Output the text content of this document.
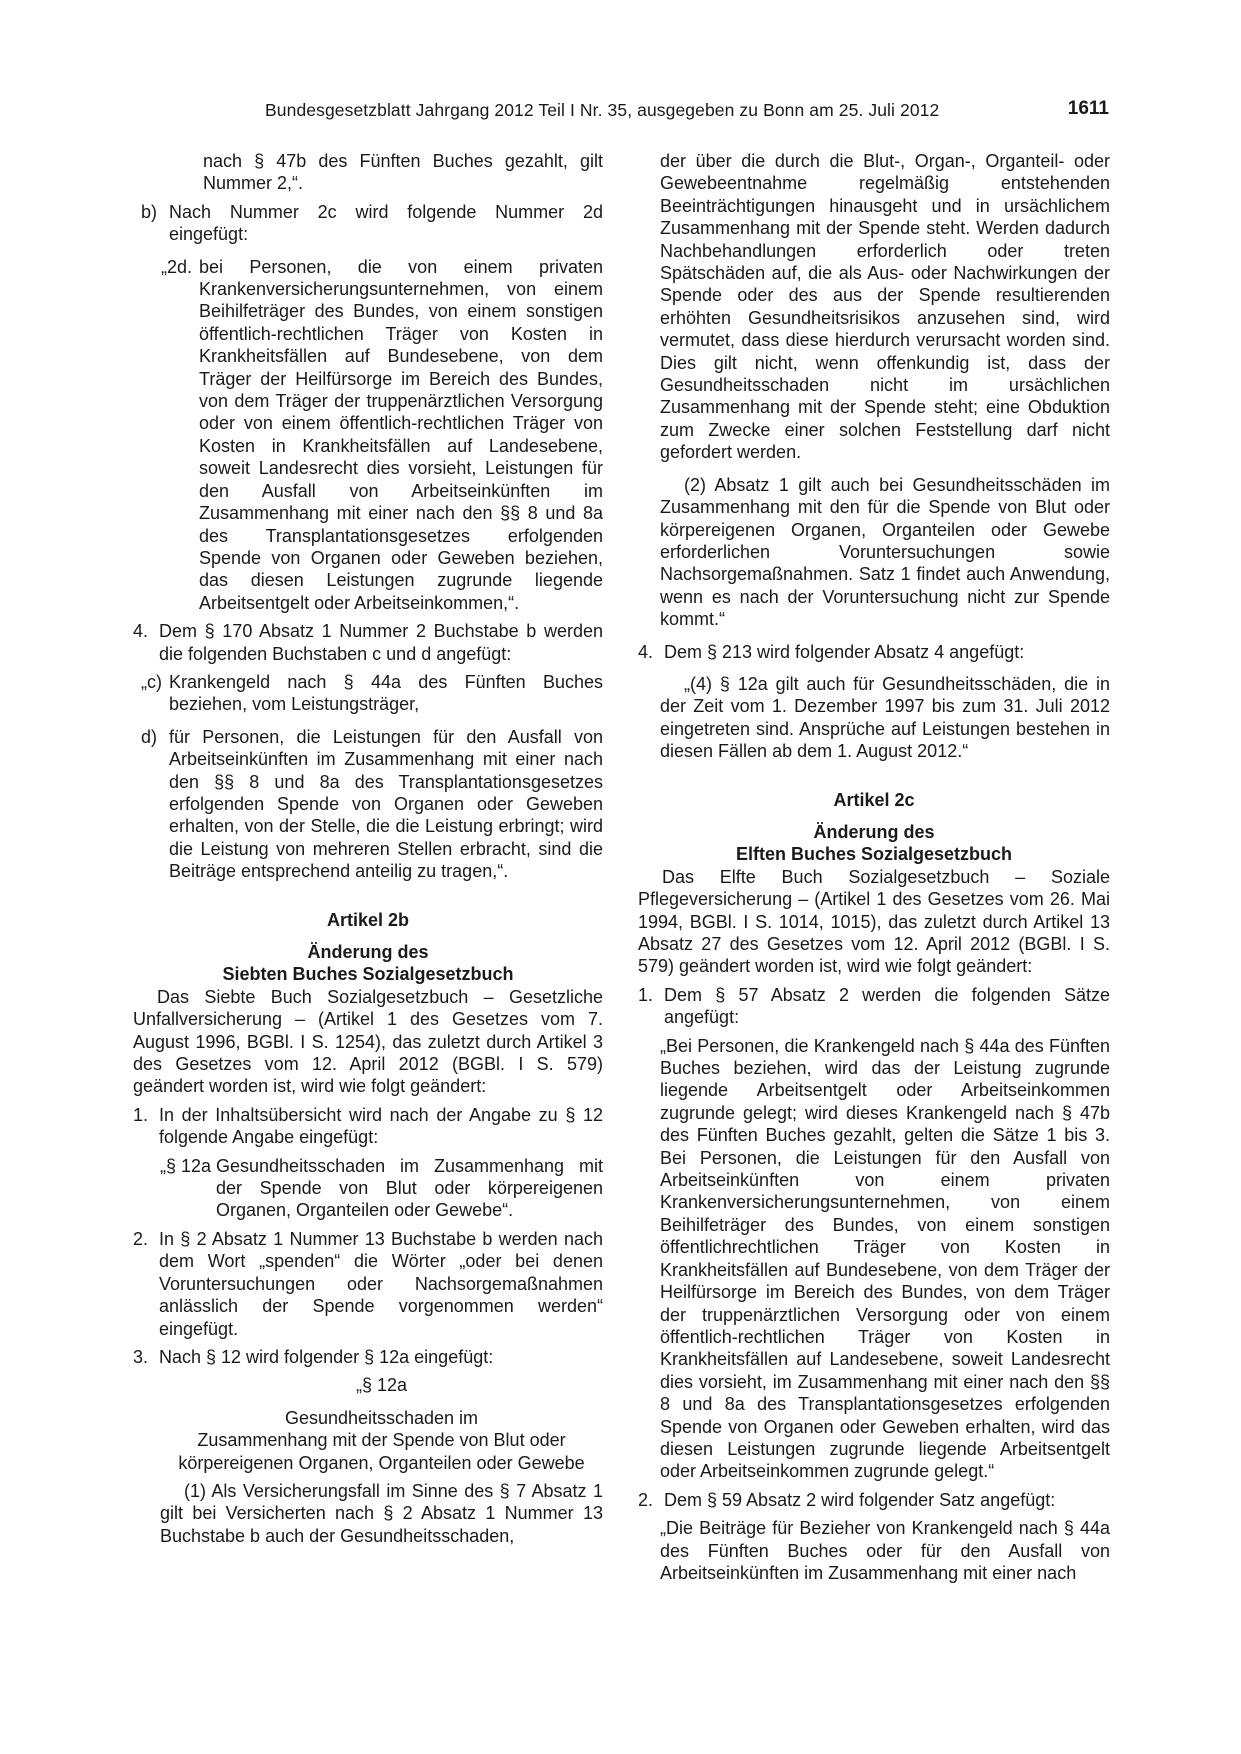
Bundesgesetzblatt Jahrgang 2012 Teil I Nr. 35, ausgegeben zu Bonn am 25. Juli 2012	1611

nach § 47b des Fünften Buches gezahlt, gilt Nummer 2,“.

b) Nach Nummer 2c wird folgende Nummer 2d eingefügt:
„2d. bei Personen, die von einem privaten Krankenversicherungsunternehmen, von einem Beihilfeträger des Bundes, von einem sonstigen öffentlich-rechtlichen Träger von Kosten in Krankheitsfällen auf Bundesebene, von dem Träger der Heilfürsorge im Bereich des Bundes, von dem Träger der truppenärztlichen Versorgung oder von einem öffentlich-rechtlichen Träger von Kosten in Krankheitsfällen auf Landesebene, soweit Landesrecht dies vorsieht, Leistungen für den Ausfall von Arbeitseinkünften im Zusammenhang mit einer nach den §§ 8 und 8a des Transplantationsgesetzes erfolgenden Spende von Organen oder Geweben beziehen, das diesen Leistungen zugrunde liegende Arbeitsentgelt oder Arbeitseinkommen,“.
4. Dem § 170 Absatz 1 Nummer 2 Buchstabe b werden die folgenden Buchstaben c und d angefügt:
„c) Krankengeld nach § 44a des Fünften Buches beziehen, vom Leistungsträger,
d) für Personen, die Leistungen für den Ausfall von Arbeitseinkünften im Zusammenhang mit einer nach den §§ 8 und 8a des Transplantationsgesetzes erfolgenden Spende von Organen oder Geweben erhalten, von der Stelle, die die Leistung erbringt; wird die Leistung von mehreren Stellen erbracht, sind die Beiträge entsprechend anteilig zu tragen,“.
Artikel 2b
Änderung des
Siebten Buches Sozialgesetzbuch

Das Siebte Buch Sozialgesetzbuch – Gesetzliche Unfallversicherung – (Artikel 1 des Gesetzes vom 7. August 1996, BGBl. I S. 1254), das zuletzt durch Artikel 3 des Gesetzes vom 12. April 2012 (BGBl. I S. 579) geändert worden ist, wird wie folgt geändert:

1. In der Inhaltsübersicht wird nach der Angabe zu § 12 folgende Angabe eingefügt:
„§ 12a Gesundheitsschaden im Zusammenhang mit der Spende von Blut oder körpereigenen Organen, Organteilen oder Gewebe“.
2. In § 2 Absatz 1 Nummer 13 Buchstabe b werden nach dem Wort „spenden“ die Wörter „oder bei denen Voruntersuchungen oder Nachsorgemaßnahmen anlässlich der Spende vorgenommen werden“ eingefügt.
3. Nach § 12 wird folgender § 12a eingefügt:
„§ 12a
Gesundheitsschaden im
Zusammenhang mit der Spende von Blut oder
körpereigenen Organen, Organteilen oder Gewebe

(1) Als Versicherungsfall im Sinne des § 7 Absatz 1 gilt bei Versicherten nach § 2 Absatz 1 Nummer 13 Buchstabe b auch der Gesundheitsschaden,

der über die durch die Blut-, Organ-, Organteil- oder Gewebeentnahme regelmäßig entstehenden Beeinträchtigungen hinausgeht und in ursächlichem Zusammenhang mit der Spende steht. Werden dadurch Nachbehandlungen erforderlich oder treten Spätschäden auf, die als Aus- oder Nachwirkungen der Spende oder des aus der Spende resultierenden erhöhten Gesundheitsrisikos anzusehen sind, wird vermutet, dass diese hierdurch verursacht worden sind. Dies gilt nicht, wenn offenkundig ist, dass der Gesundheitsschaden nicht im ursächlichen Zusammenhang mit der Spende steht; eine Obduktion zum Zwecke einer solchen Feststellung darf nicht gefordert werden.

(2) Absatz 1 gilt auch bei Gesundheitsschäden im Zusammenhang mit den für die Spende von Blut oder körpereigenen Organen, Organteilen oder Gewebe erforderlichen Voruntersuchungen sowie Nachsorgemaßnahmen. Satz 1 findet auch Anwendung, wenn es nach der Voruntersuchung nicht zur Spende kommt.“

4. Dem § 213 wird folgender Absatz 4 angefügt:

„(4) § 12a gilt auch für Gesundheitsschäden, die in der Zeit vom 1. Dezember 1997 bis zum 31. Juli 2012 eingetreten sind. Ansprüche auf Leistungen bestehen in diesen Fällen ab dem 1. August 2012.“

Artikel 2c
Änderung des
Elften Buches Sozialgesetzbuch

Das Elfte Buch Sozialgesetzbuch – Soziale Pflegeversicherung – (Artikel 1 des Gesetzes vom 26. Mai 1994, BGBl. I S. 1014, 1015), das zuletzt durch Artikel 13 Absatz 27 des Gesetzes vom 12. April 2012 (BGBl. I S. 579) geändert worden ist, wird wie folgt geändert:

1. Dem § 57 Absatz 2 werden die folgenden Sätze angefügt:

„Bei Personen, die Krankengeld nach § 44a des Fünften Buches beziehen, wird das der Leistung zugrunde liegende Arbeitsentgelt oder Arbeitseinkommen zugrunde gelegt; wird dieses Krankengeld nach § 47b des Fünften Buches gezahlt, gelten die Sätze 1 bis 3. Bei Personen, die Leistungen für den Ausfall von Arbeitseinkünften von einem privaten Krankenversicherungsunternehmen, von einem Beihilfeträger des Bundes, von einem sonstigen öffentlichrechtlichen Träger von Kosten in Krankheitsfällen auf Bundesebene, von dem Träger der Heilfürsorge im Bereich des Bundes, von dem Träger der truppenärztlichen Versorgung oder von einem öffentlich-rechtlichen Träger von Kosten in Krankheitsfällen auf Landesebene, soweit Landesrecht dies vorsieht, im Zusammenhang mit einer nach den §§ 8 und 8a des Transplantationsgesetzes erfolgenden Spende von Organen oder Geweben erhalten, wird das diesen Leistungen zugrunde liegende Arbeitsentgelt oder Arbeitseinkommen zugrunde gelegt.“

2. Dem § 59 Absatz 2 wird folgender Satz angefügt:

„Die Beiträge für Bezieher von Krankengeld nach § 44a des Fünften Buches oder für den Ausfall von Arbeitseinkünften im Zusammenhang mit einer nach
